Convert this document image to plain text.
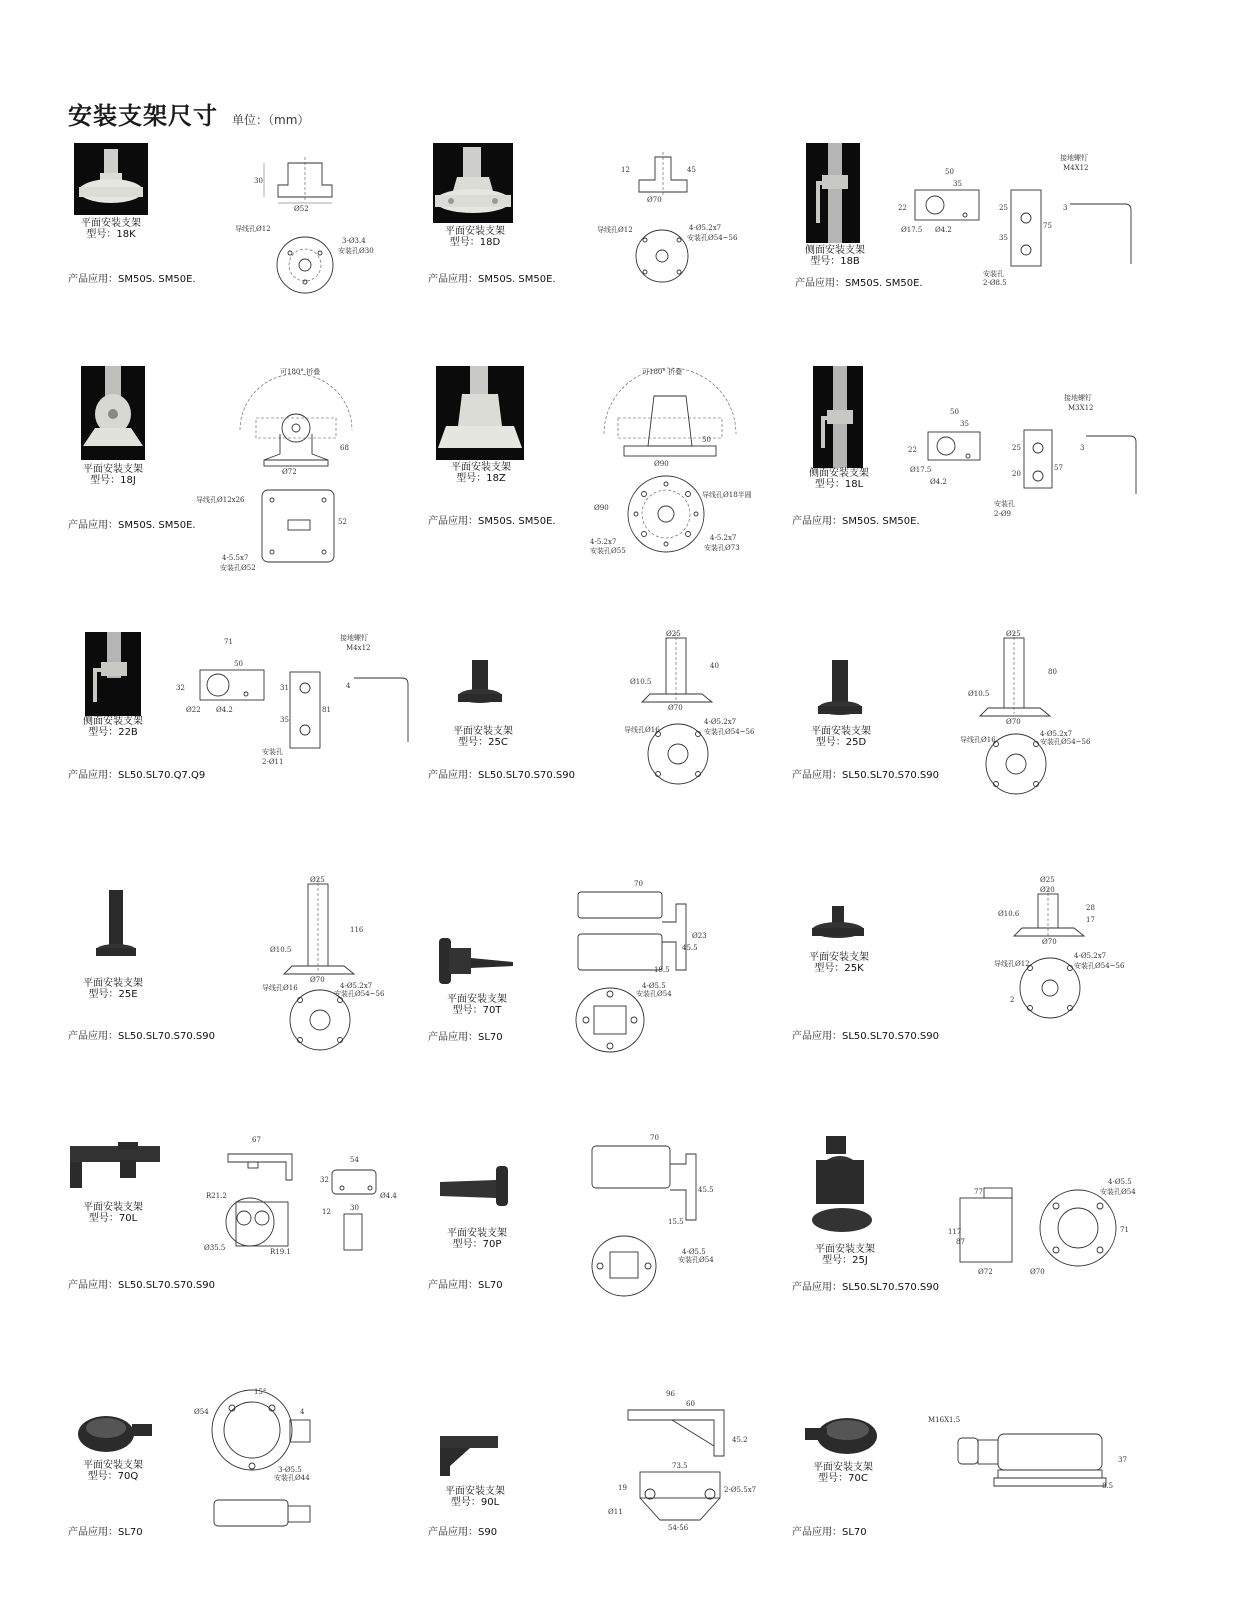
安装支架尺寸 单位：（mm）
平面安装支架
型号：18K
产品应用：SM50S. SM50E.
30
Ø52
导线孔Ø12
3-Ø3.4
安装孔Ø30
平面安装支架
型号：18D
产品应用：SM50S. SM50E.
12	45
Ø70
导线孔Ø12	4-Ø5.2x7
安装孔Ø54~56
侧面安装支架
型号：18B
产品应用：SM50S. SM50E.
50
35
22
Ø17.5 Ø4.2
接地螺钉
M4X12
25
35
75
3
安装孔
2-Ø8.5
平面安装支架
型号：18J
产品应用：SM50S. SM50E.
可180° 折叠
68
Ø72
导线孔Ø12x26
52
4-5.5x7
安装孔Ø52
平面安装支架
型号：18Z
产品应用：SM50S. SM50E.
可180° 折叠
50
Ø90
Ø90
导线孔Ø18半圆
4-5.2x7
安装孔Ø55
4-5.2x7
安装孔Ø73
侧面安装支架
型号：18L
产品应用：SM50S. SM50E.
50
35
22
Ø17.5
Ø4.2
接地螺钉
M3X12
25
20
57
3
安装孔
2-Ø9
侧面安装支架
型号：22B
产品应用：SL50.SL70.Q7.Q9
71
50
32
Ø22 Ø4.2
接地螺钉
M4x12
31
35
81
4
安装孔
2-Ø11
平面安装支架
型号：25C
产品应用：SL50.SL70.S70.S90
Ø25
40
Ø10.5
Ø70
4-Ø5.2x7
导线孔Ø16	安装孔Ø54~56	平面安装支架
型号：25D
产品应用：SL50.SL70.S70.S90
Ø25
80
Ø10.5
Ø70
4-Ø5.2x7
导线孔Ø16	安装孔Ø54~56
平面安装支架
型号：25E
产品应用：SL50.SL70.S70.S90
Ø25
116
Ø10.5
Ø70
4-Ø5.2x7
导线孔Ø16
安装孔Ø54~56	平面安装支架
型号：70T
产品应用：SL70
70
Ø23
45.5
19.5
4-Ø5.5
安装孔Ø54
平面安装支架
型号：25K
产品应用：SL50.SL70.S70.S90
Ø25
Ø20
17
28
Ø10.6
Ø70
4-Ø5.2x7
导线孔Ø12	安装孔Ø54~56
2
平面安装支架
型号：70L
产品应用：SL50.SL70.S70.S90
67
R21.2
Ø35.5	R19.1
54
32
12	30
Ø4.4
平面安装支架
型号：70P
产品应用：SL70
70
45.5
15.5
4-Ø5.5
安装孔Ø54
平面安装支架
型号：25J
产品应用：SL50.SL70.S70.S90
77
117
87
Ø72
4-Ø5.5
安装孔Ø54
71
Ø70
平面安装支架
型号：70Q
产品应用：SL70
Ø54
15°
4
3-Ø5.5
安装孔Ø44
平面安装支架
型号：90L
产品应用：S90
96
60
45.2
73.5
2-Ø5.5x7
19
Ø11
54-56
平面安装支架
型号：70C
产品应用：SL70
M16X1.5
37
8.5
